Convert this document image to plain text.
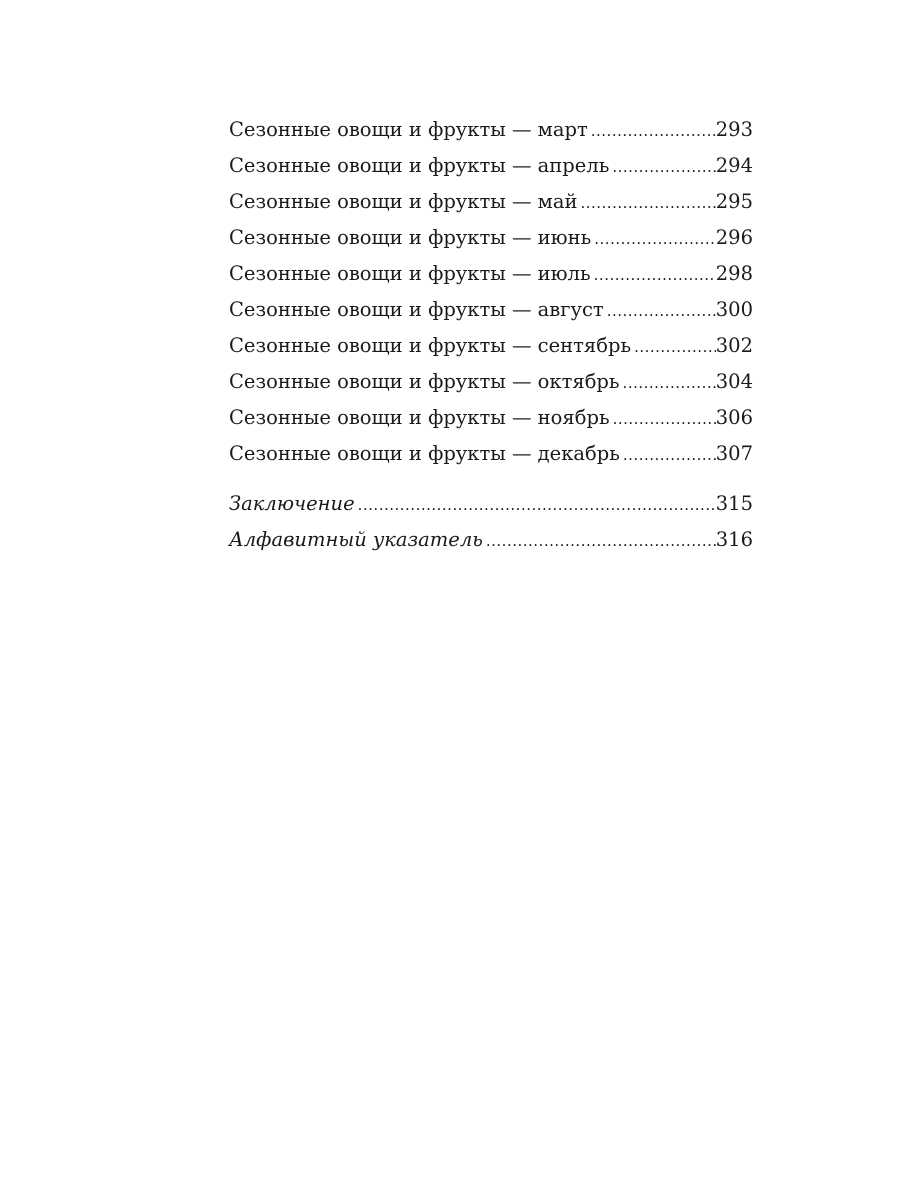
Сезонные овощи и фрукты — март .....	293
Сезонные овощи и фрукты — апрель .....	294
Сезонные овощи и фрукты — май .....	295
Сезонные овощи и фрукты — июнь .....	296
Сезонные овощи и фрукты — июль .....	298
Сезонные овощи и фрукты — август .....	300
Сезонные овощи и фрукты — сентябрь .....	302
Сезонные овощи и фрукты — октябрь .....	304
Сезонные овощи и фрукты — ноябрь .....	306
Сезонные овощи и фрукты — декабрь .....	307
Заключение .....	315
Алфавитный указатель .....	316
